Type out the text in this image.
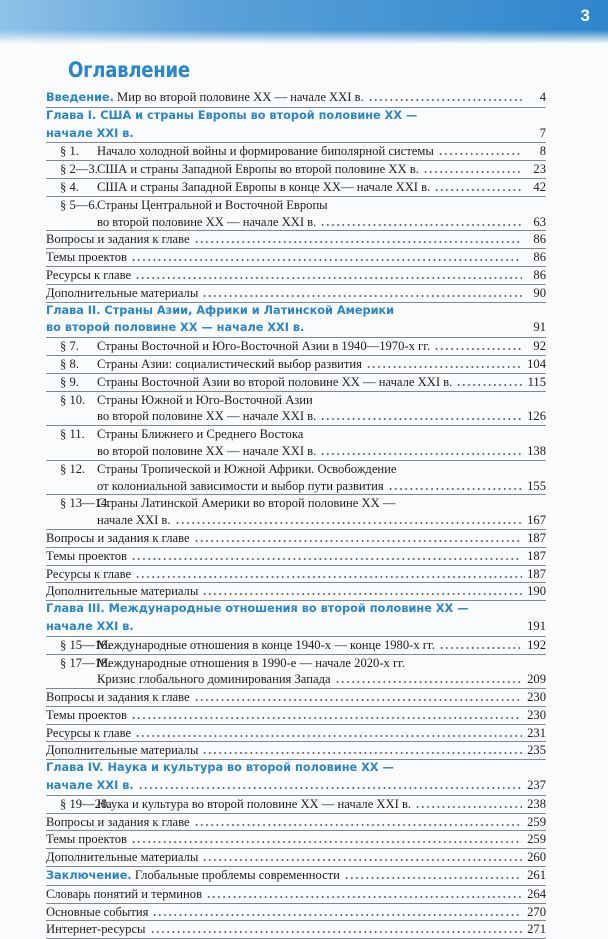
3
Оглавление
Введение. Мир во второй половине XX — начале XXI в.	4
Глава I. США и страны Европы во второй половине XX —
начале XXI в.	7
§ 1. Начало холодной войны и формирование биполярной системы	8
§ 2—3. США и страны Западной Европы во второй половине XX в.	23
§ 4. США и страны Западной Европы в конце XX— начале XXI в.	42
§ 5—6. Страны Центральной и Восточной Европы
во второй половине XX — начале XXI в.	63
Вопросы и задания к главе	86
Темы проектов	86
Ресурсы к главе	86
Дополнительные материалы	90
Глава II. Страны Азии, Африки и Латинской Америки
во второй половине XX — начале XXI в.	91
§ 7. Страны Восточной и Юго-Восточной Азии в 1940—1970-х гг.	92
§ 8. Страны Азии: социалистический выбор развития	104
§ 9. Страны Восточной Азии во второй половине XX — начале XXI в.	115
§ 10. Страны Южной и Юго-Восточной Азии
во второй половине XX — начале XXI в.	126
§ 11. Страны Ближнего и Среднего Востока
во второй половине XX — начале XXI в.	138
§ 12. Страны Тропической и Южной Африки. Освобождение
от колониальной зависимости и выбор пути развития	155
§ 13—14.
Страны Латинской Америки во второй половине XX —
начале XXI в.	167
Вопросы и задания к главе	187
Темы проектов	187
Ресурсы к главе	187
Дополнительные материалы	190
Глава III. Международные отношения во второй половине XX —
начале XXI в.	191
§ 15—16.
Международные отношения в конце 1940-х — конце 1980-х гг.	192
§ 17—18.
Международные отношения в 1990-е — начале 2020-х гг.
Кризис глобального доминирования Запада	209
Вопросы и задания к главе	230
Темы проектов	230
Ресурсы к главе	231
Дополнительные материалы	235
Глава IV. Наука и культура во второй половине XX —
начале XXI в.	237
§ 19—20.
Наука и культура во второй половине XX — начале XXI в.	238
Вопросы и задания к главе	259
Темы проектов	259
Дополнительные материалы	260
Заключение. Глобальные проблемы современности	261
Словарь понятий и терминов	264
Основные события	270
Интернет-ресурсы	271
